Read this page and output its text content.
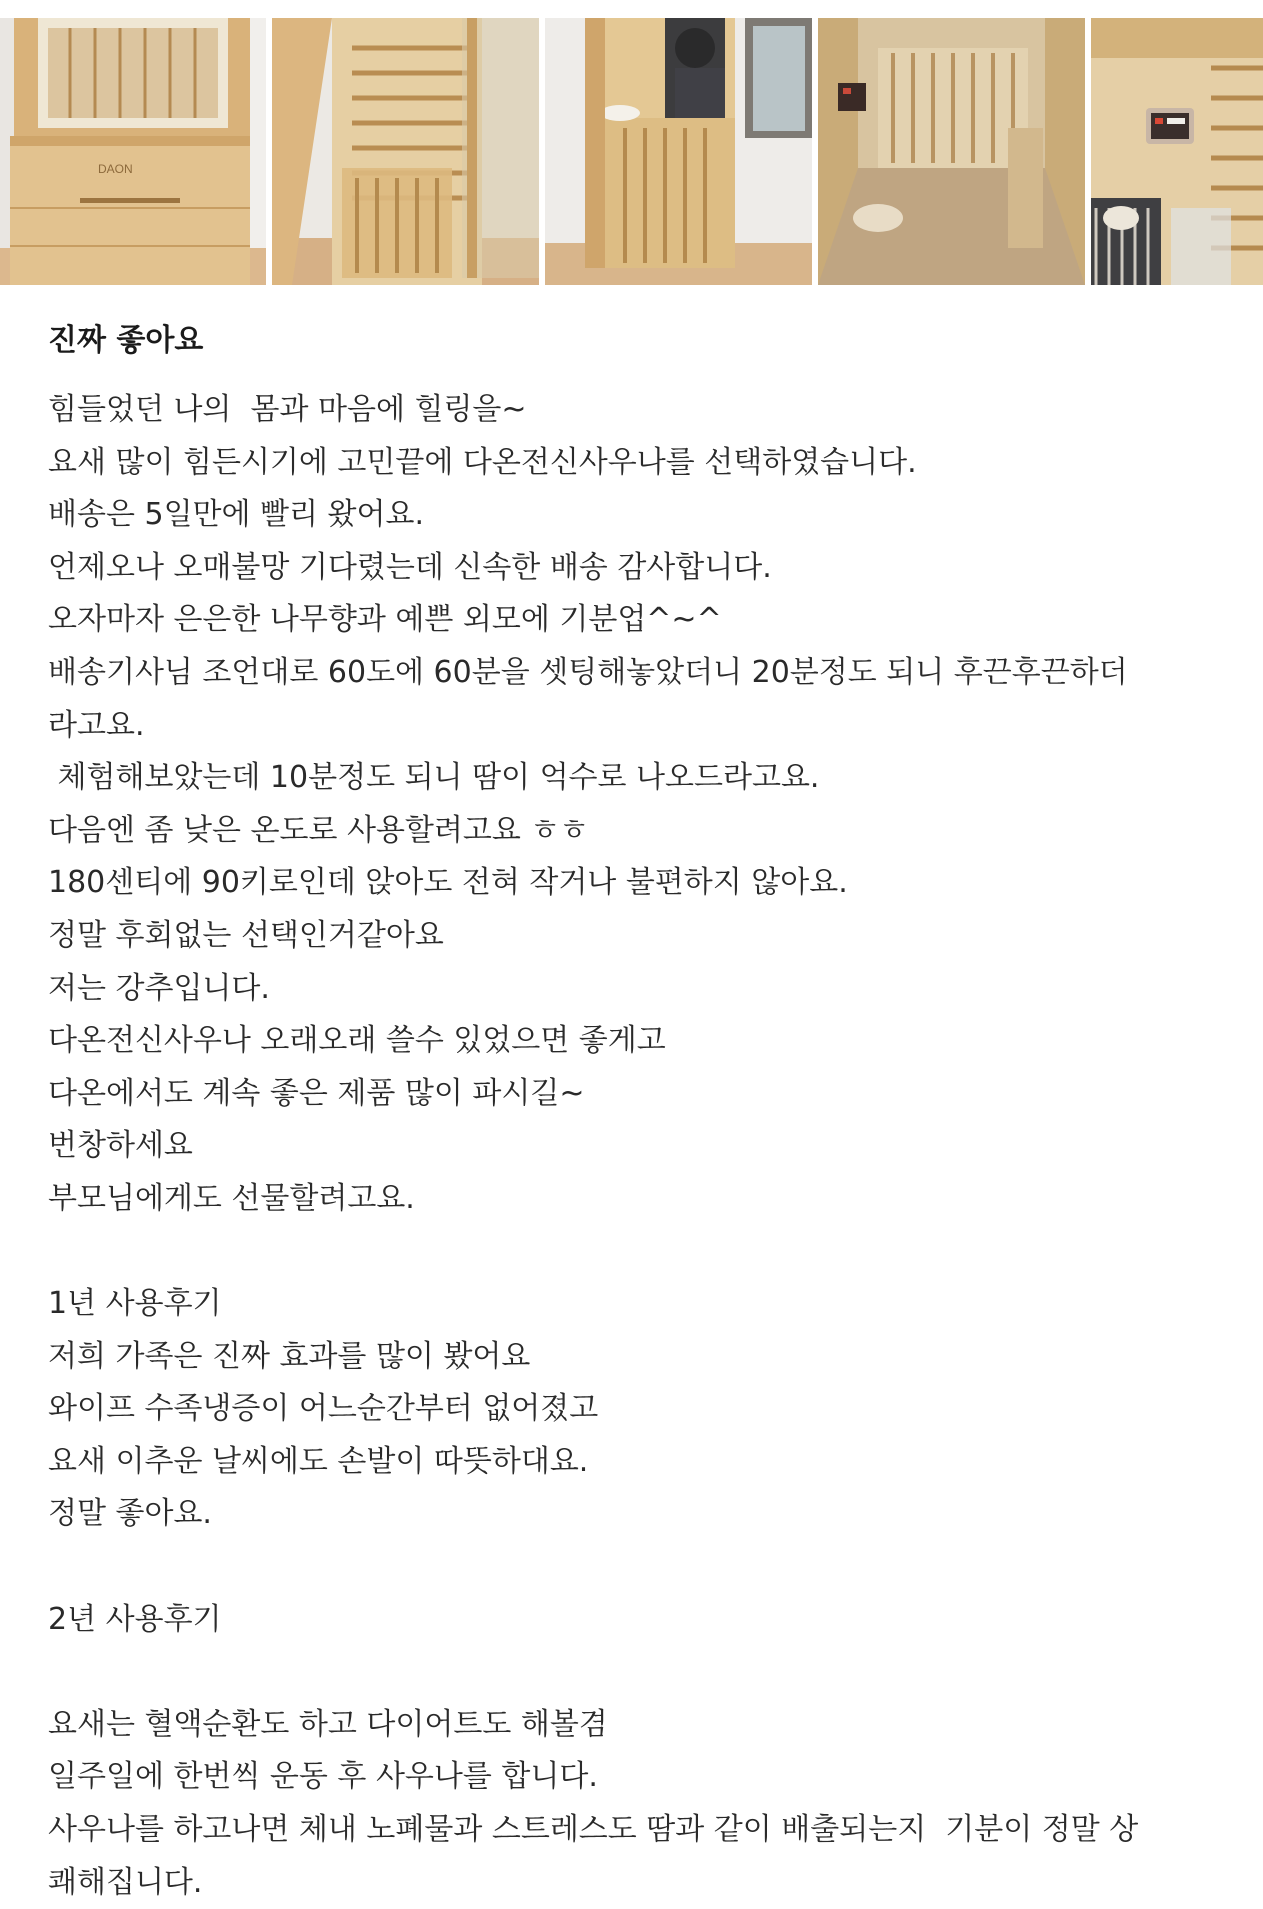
DAON
진짜 좋아요
힘들었던 나의  몸과 마음에 힐링을~
요새 많이 힘든시기에 고민끝에 다온전신사우나를 선택하였습니다.
배송은 5일만에 빨리 왔어요.
언제오나 오매불망 기다렸는데 신속한 배송 감사합니다.
오자마자 은은한 나무향과 예쁜 외모에 기분업^~^
배송기사님 조언대로 60도에 60분을 셋팅해놓았더니 20분정도 되니 후끈후끈하더
라고요.
체험해보았는데 10분정도 되니 땀이 억수로 나오드라고요.
다음엔 좀 낮은 온도로 사용할려고요 ㅎㅎ
180센티에 90키로인데 앉아도 전혀 작거나 불편하지 않아요.
정말 후회없는 선택인거같아요
저는 강추입니다.
다온전신사우나 오래오래 쓸수 있었으면 좋게고
다온에서도 계속 좋은 제품 많이 파시길~
번창하세요
부모님에게도 선물할려고요.
1년 사용후기
저희 가족은 진짜 효과를 많이 봤어요
와이프 수족냉증이 어느순간부터 없어졌고
요새 이추운 날씨에도 손발이 따뜻하대요.
정말 좋아요.
2년 사용후기
요새는 혈액순환도 하고 다이어트도 해볼겸
일주일에 한번씩 운동 후 사우나를 합니다.
사우나를 하고나면 체내 노폐물과 스트레스도 땀과 같이 배출되는지  기분이 정말 상
쾌해집니다.
